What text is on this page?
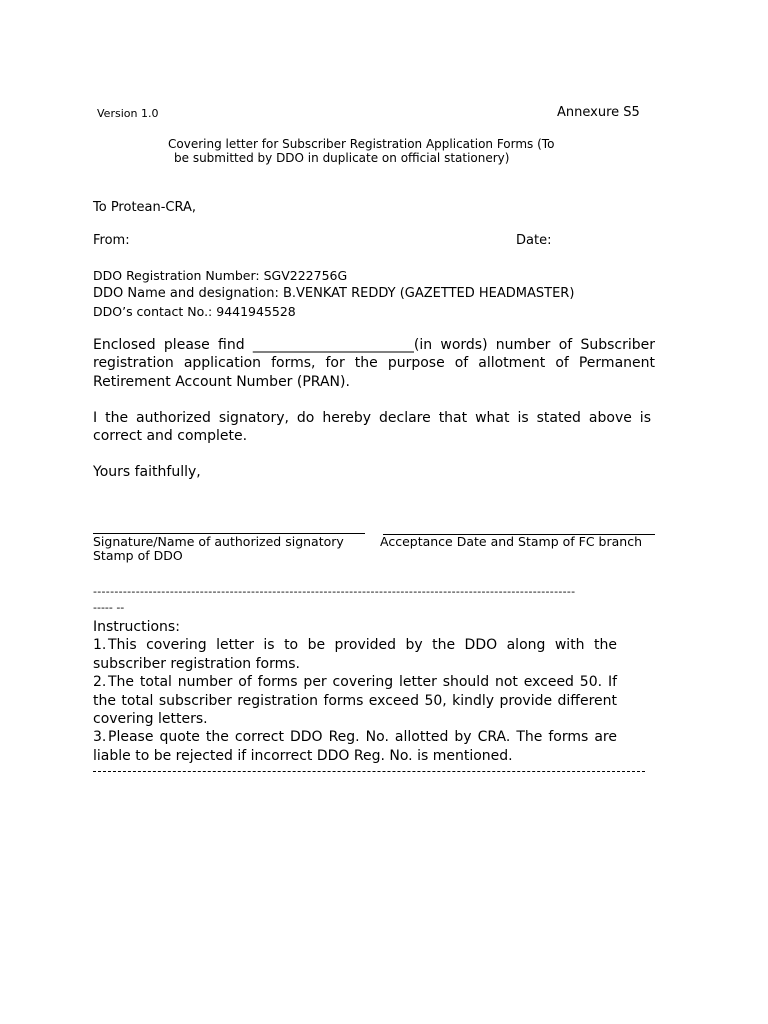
Version 1.0	Annexure S5
Covering letter for Subscriber Registration Application Forms (To
be submitted by DDO in duplicate on official stationery)
To Protean-CRA,
From:	Date:
DDO Registration Number: SGV222756G
DDO Name and designation: B.VENKAT REDDY (GAZETTED HEADMASTER)
DDO’s contact No.: 9441945528
Enclosed please find _______________________(in words) number of Subscriber registration application forms, for the purpose of allotment of Permanent Retirement Account Number (PRAN).
I the authorized signatory, do hereby declare that what is stated above is correct and complete.
Yours faithfully,
Signature/Name of authorized signatory	Acceptance Date and Stamp of FC branch
Stamp of DDO
-----------------------------------------------------------------------------------------------------------------
----- --
Instructions:
1. This covering letter is to be provided by the DDO along with the subscriber registration forms.
2. The total number of forms per covering letter should not exceed 50. If the total subscriber registration forms exceed 50, kindly provide different covering letters.
3. Please quote the correct DDO Reg. No. allotted by CRA. The forms are liable to be rejected if incorrect DDO Reg. No. is mentioned.
